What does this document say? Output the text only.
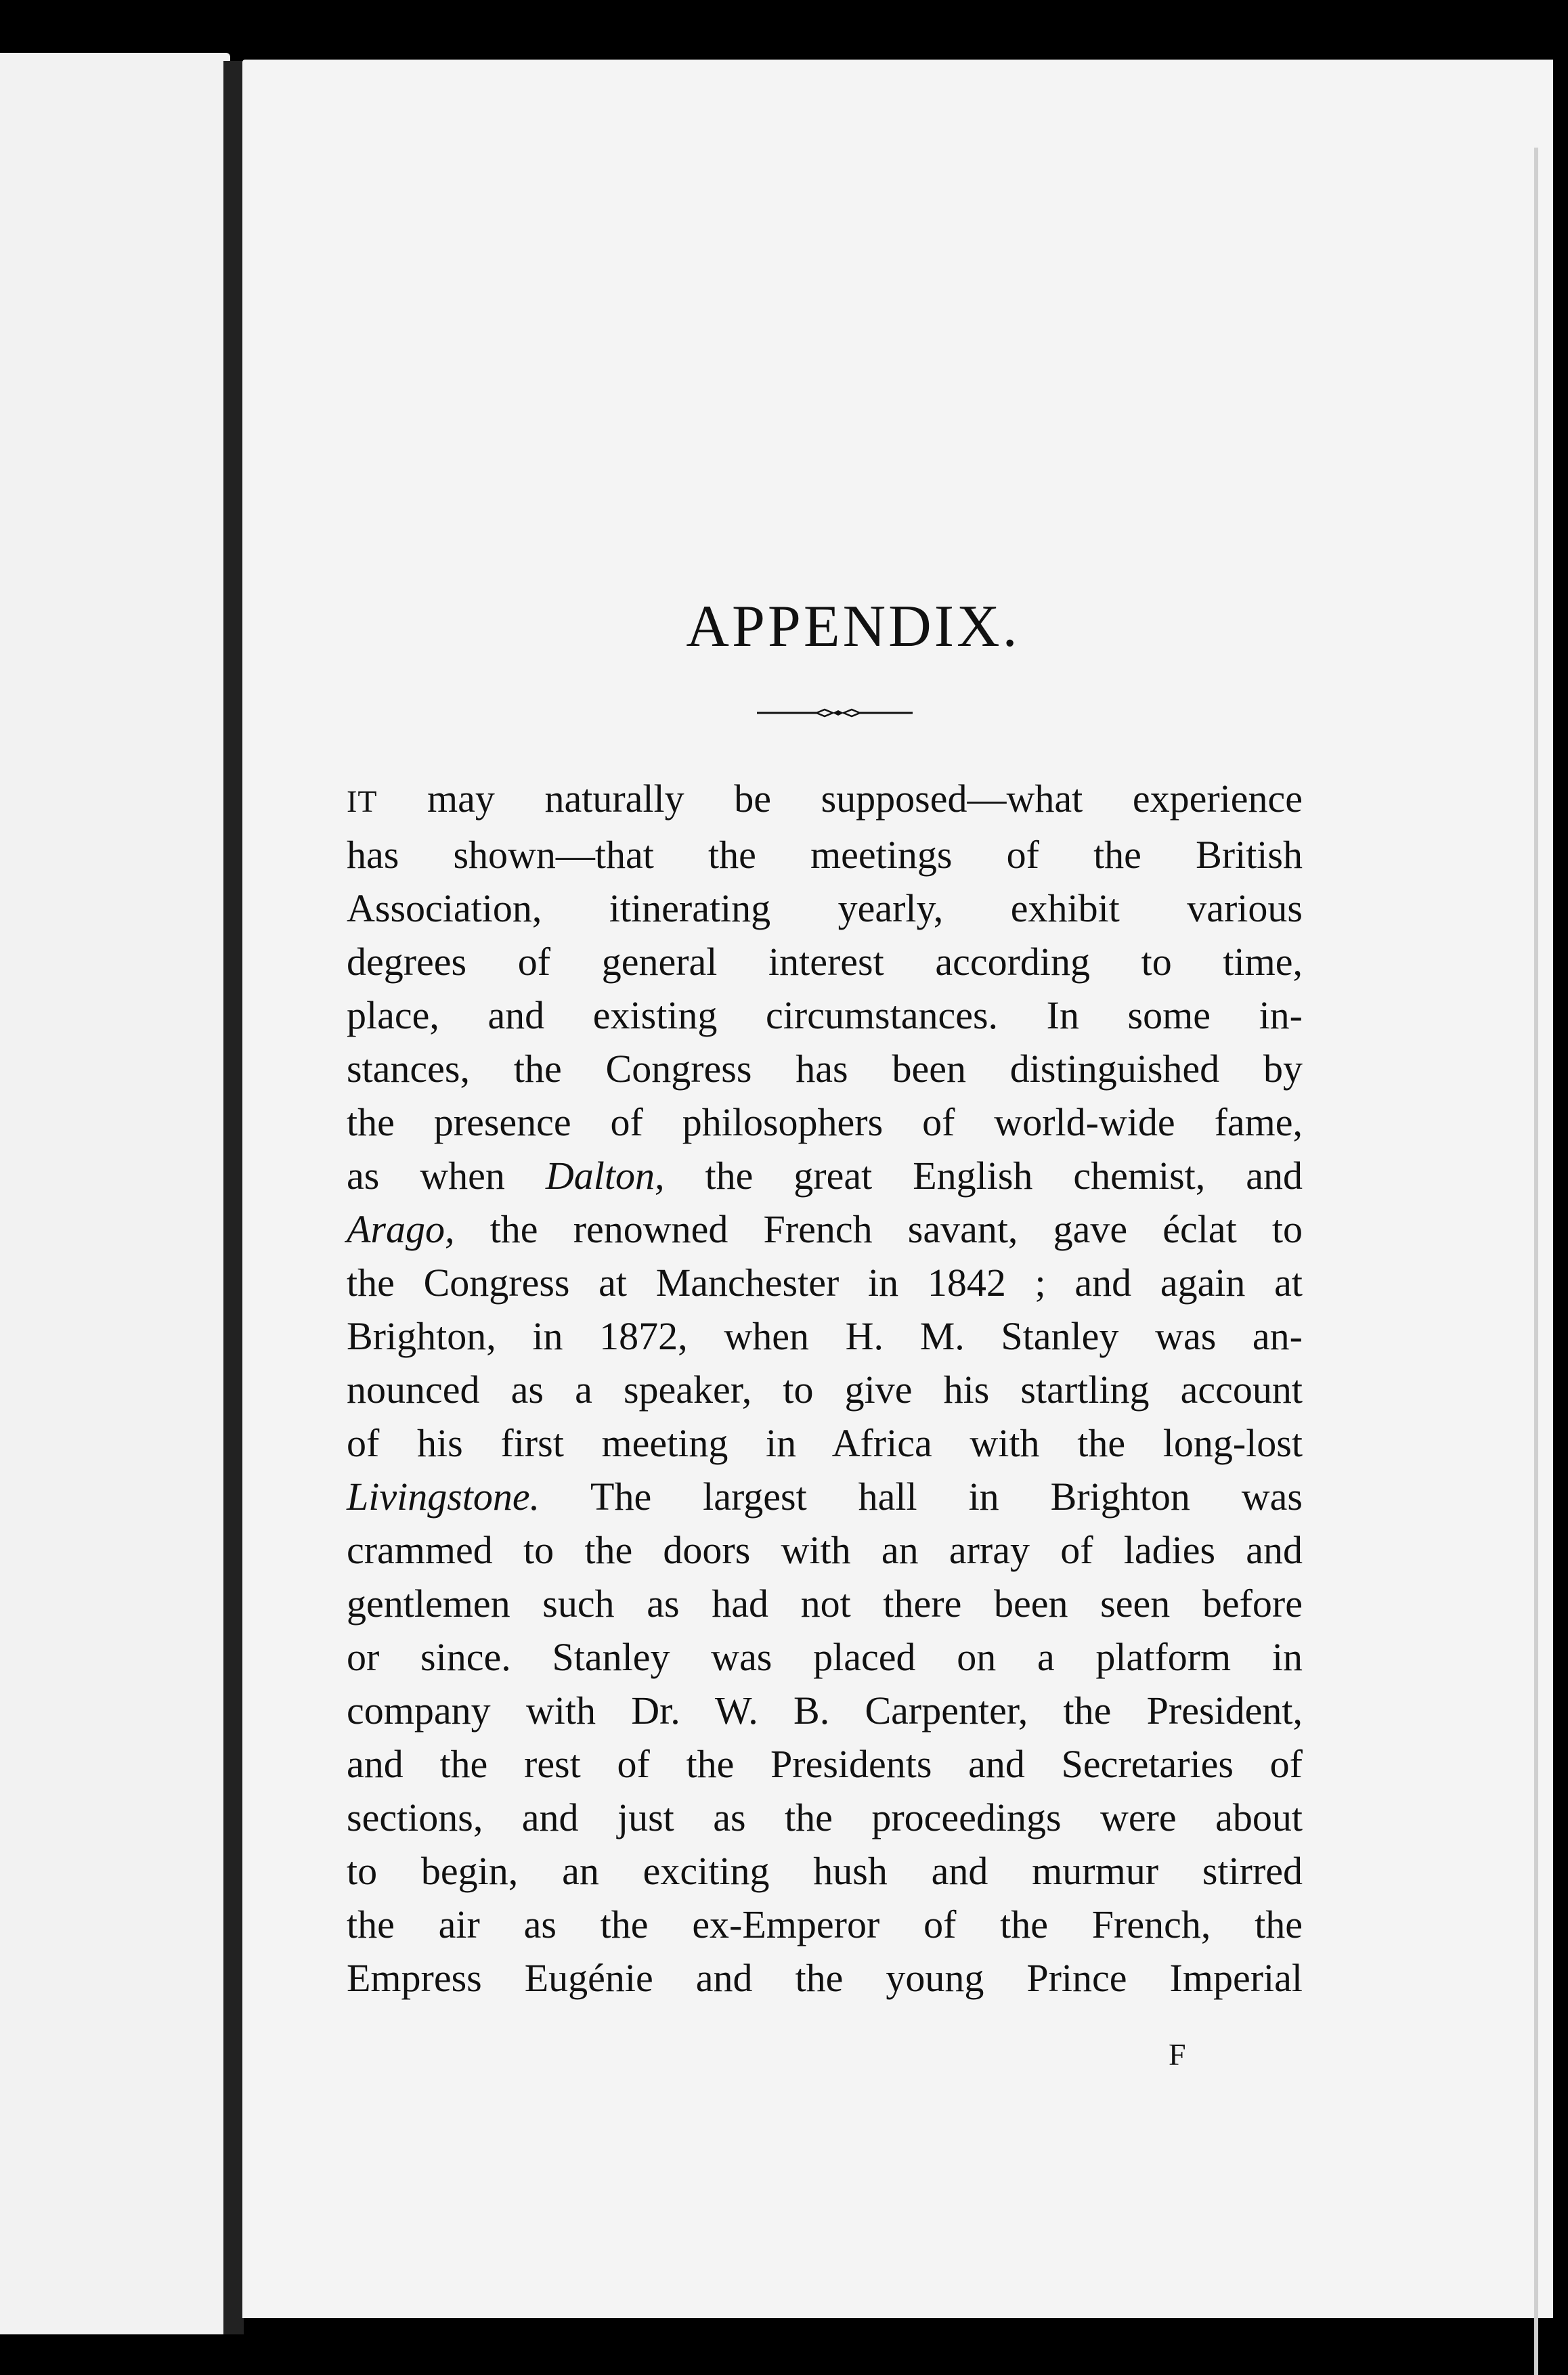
APPENDIX.
IT may naturally be supposed—what experience
has shown—that the meetings of the British
Association, itinerating yearly, exhibit various
degrees of general interest according to time,
place, and existing circumstances. In some in-
stances, the Congress has been distinguished by
the presence of philosophers of world-wide fame,
as when Dalton, the great English chemist, and
Arago, the renowned French savant, gave éclat to
the Congress at Manchester in 1842 ; and again at
Brighton, in 1872, when H. M. Stanley was an-
nounced as a speaker, to give his startling account
of his first meeting in Africa with the long-lost
Livingstone. The largest hall in Brighton was
crammed to the doors with an array of ladies and
gentlemen such as had not there been seen before
or since. Stanley was placed on a platform in
company with Dr. W. B. Carpenter, the President,
and the rest of the Presidents and Secretaries of
sections, and just as the proceedings were about
to begin, an exciting hush and murmur stirred
the air as the ex-Emperor of the French, the
Empress Eugénie and the young Prince Imperial
F
